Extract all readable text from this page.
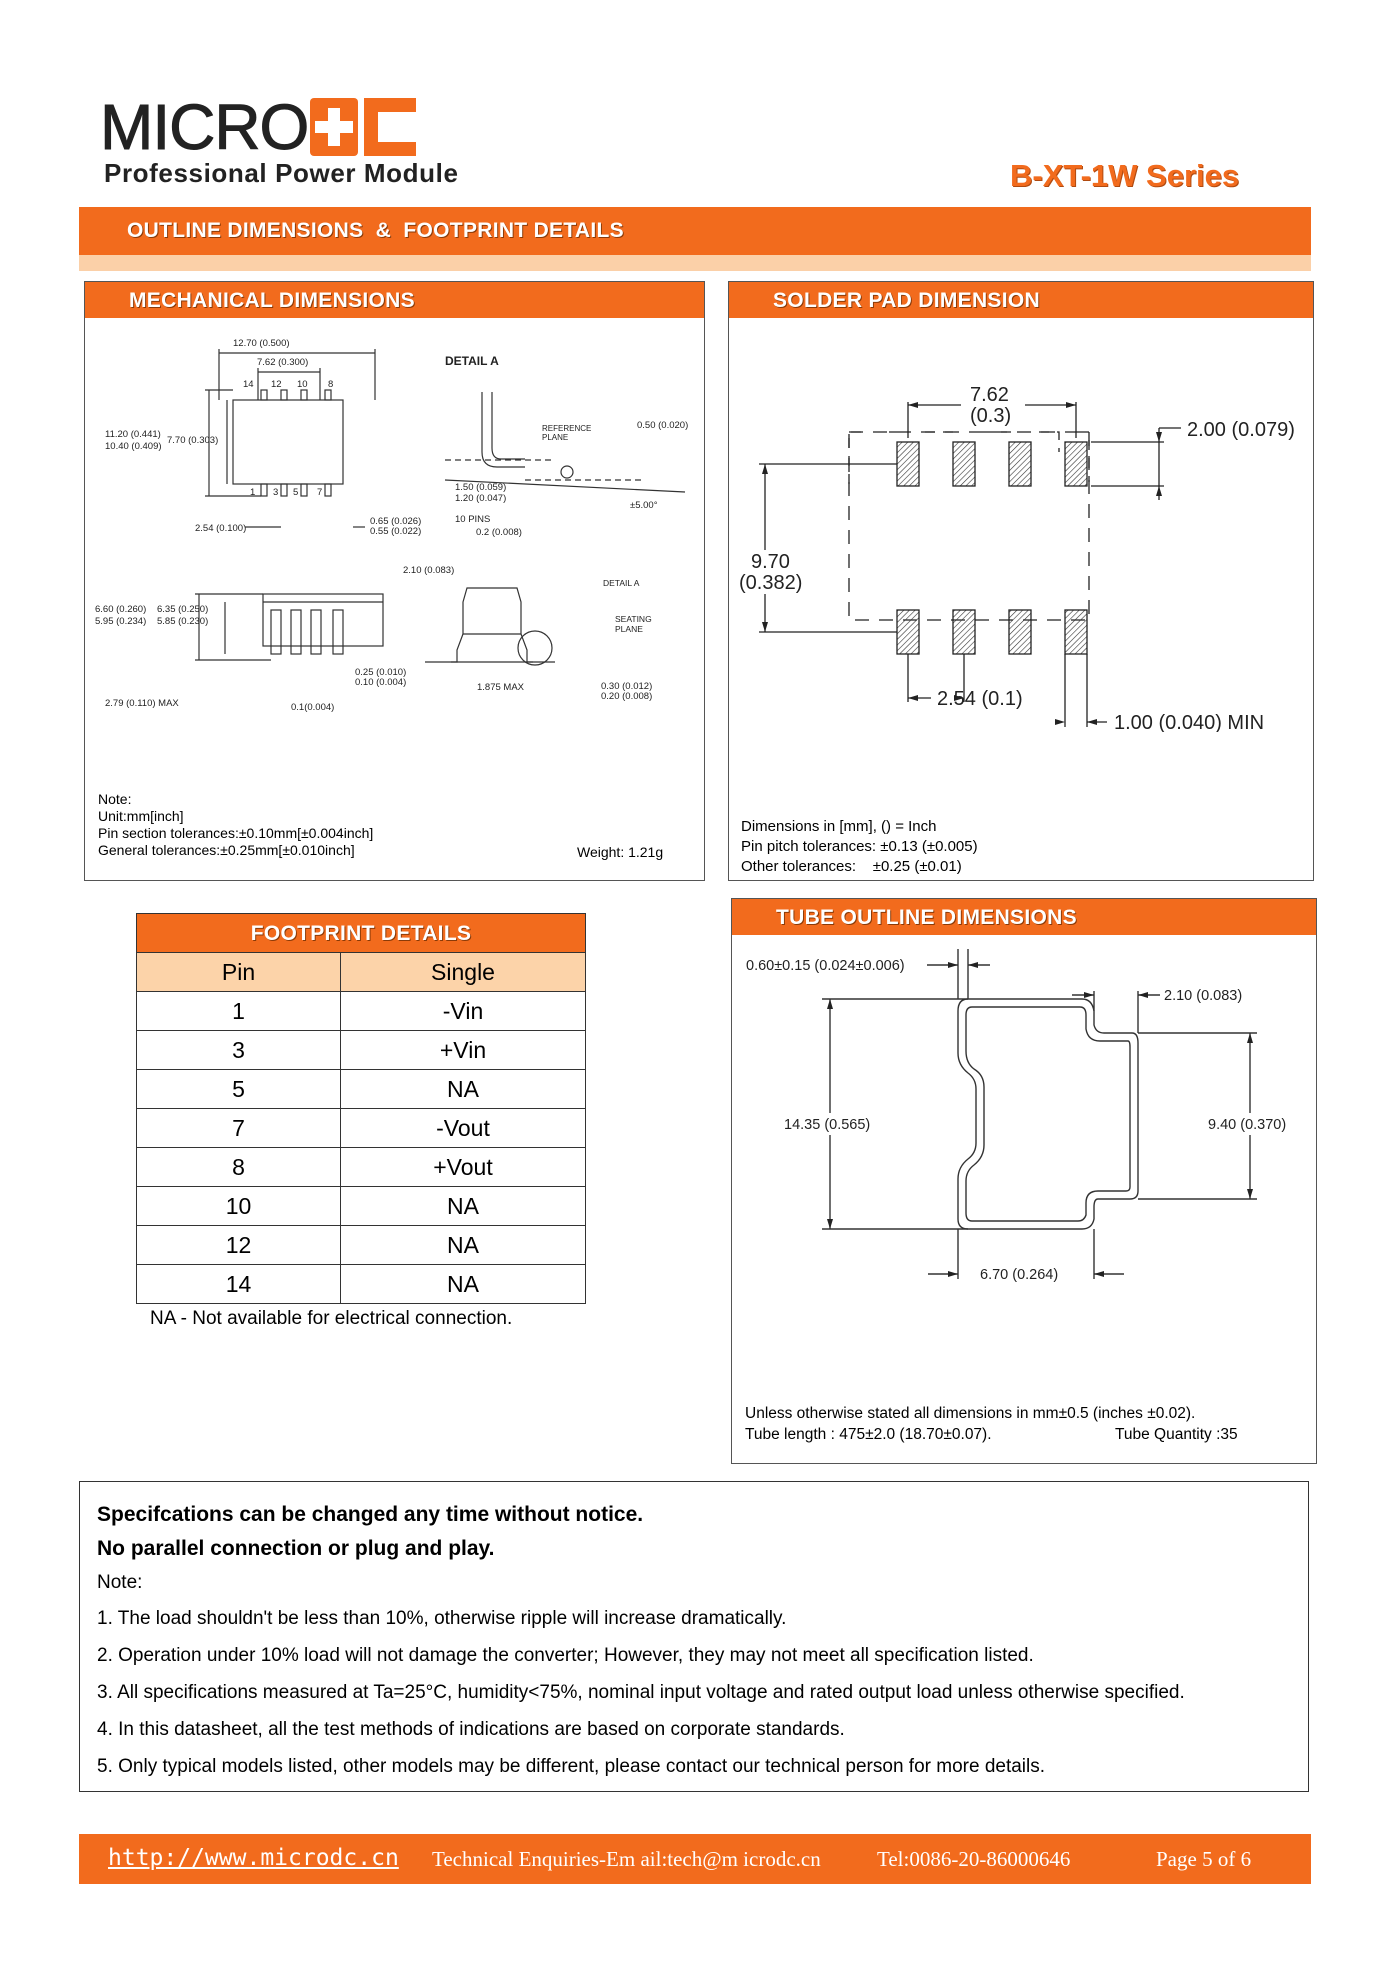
MICRO
Professional Power Module	B-XT-1W Series
OUTLINE DIMENSIONS  &  FOOTPRINT DETAILS
MECHANICAL DIMENSIONS
12.70 (0.500)
7.62 (0.300)
14 12 10 8
1 3 5 7
11.20 (0.441)
10.40 (0.409)
7.70 (0.303)
2.54 (0.100)
0.65 (0.026)
0.55 (0.022)
DETAIL A
REFERENCE
PLANE
0.50 (0.020)
1.50 (0.059)
1.20 (0.047)
±5.00°
10 PINS
0.2 (0.008)
2.10 (0.083)
6.60 (0.260)
5.95 (0.234)
6.35 (0.250)
5.85 (0.230)
DETAIL A
SEATING
PLANE
2.79 (0.110) MAX	0.1(0.004)
0.25 (0.010)
0.10 (0.004)	1.875 MAX	0.30 (0.012)
0.20 (0.008)
Note:
Unit:mm[inch]
Pin section tolerances:±0.10mm[±0.004inch]
General tolerances:±0.25mm[±0.010inch]	Weight: 1.21g
SOLDER PAD DIMENSION
7.62
(0.3)
2.00 (0.079)
9.70
(0.382)
2.54 (0.1)
1.00 (0.040) MIN
Dimensions in [mm], () = Inch
Pin pitch tolerances: ±0.13 (±0.005)
Other tolerances:    ±0.25 (±0.01)
FOOTPRINT DETAILS
Pin	Single
1	-Vin
3	+Vin
5	NA
7	-Vout
8	+Vout
10	NA
12	NA
14	NA
NA - Not available for electrical connection.
TUBE OUTLINE DIMENSIONS
0.60±0.15 (0.024±0.006)
2.10 (0.083)
14.35 (0.565)	9.40 (0.370)
6.70 (0.264)
Unless otherwise stated all dimensions in mm±0.5 (inches ±0.02).
Tube length : 475±2.0 (18.70±0.07).	Tube Quantity :35

Specifcations can be changed any time without notice.

No parallel connection or plug and play.

Note:

1. The load shouldn't be less than 10%, otherwise ripple will increase dramatically.

2. Operation under 10% load will not damage the converter; However, they may not meet all specification listed.

3. All specifications measured at Ta=25°C, humidity<75%, nominal input voltage and rated output load unless otherwise specified.

4. In this datasheet, all the test methods of indications are based on corporate standards.

5. Only typical models listed, other models may be different, please contact our technical person for more details.

http://www.microdc.cn Technical Enquiries-Em ail:tech@m icrodc.cn	Tel:0086-20-86000646	Page 5 of 6
